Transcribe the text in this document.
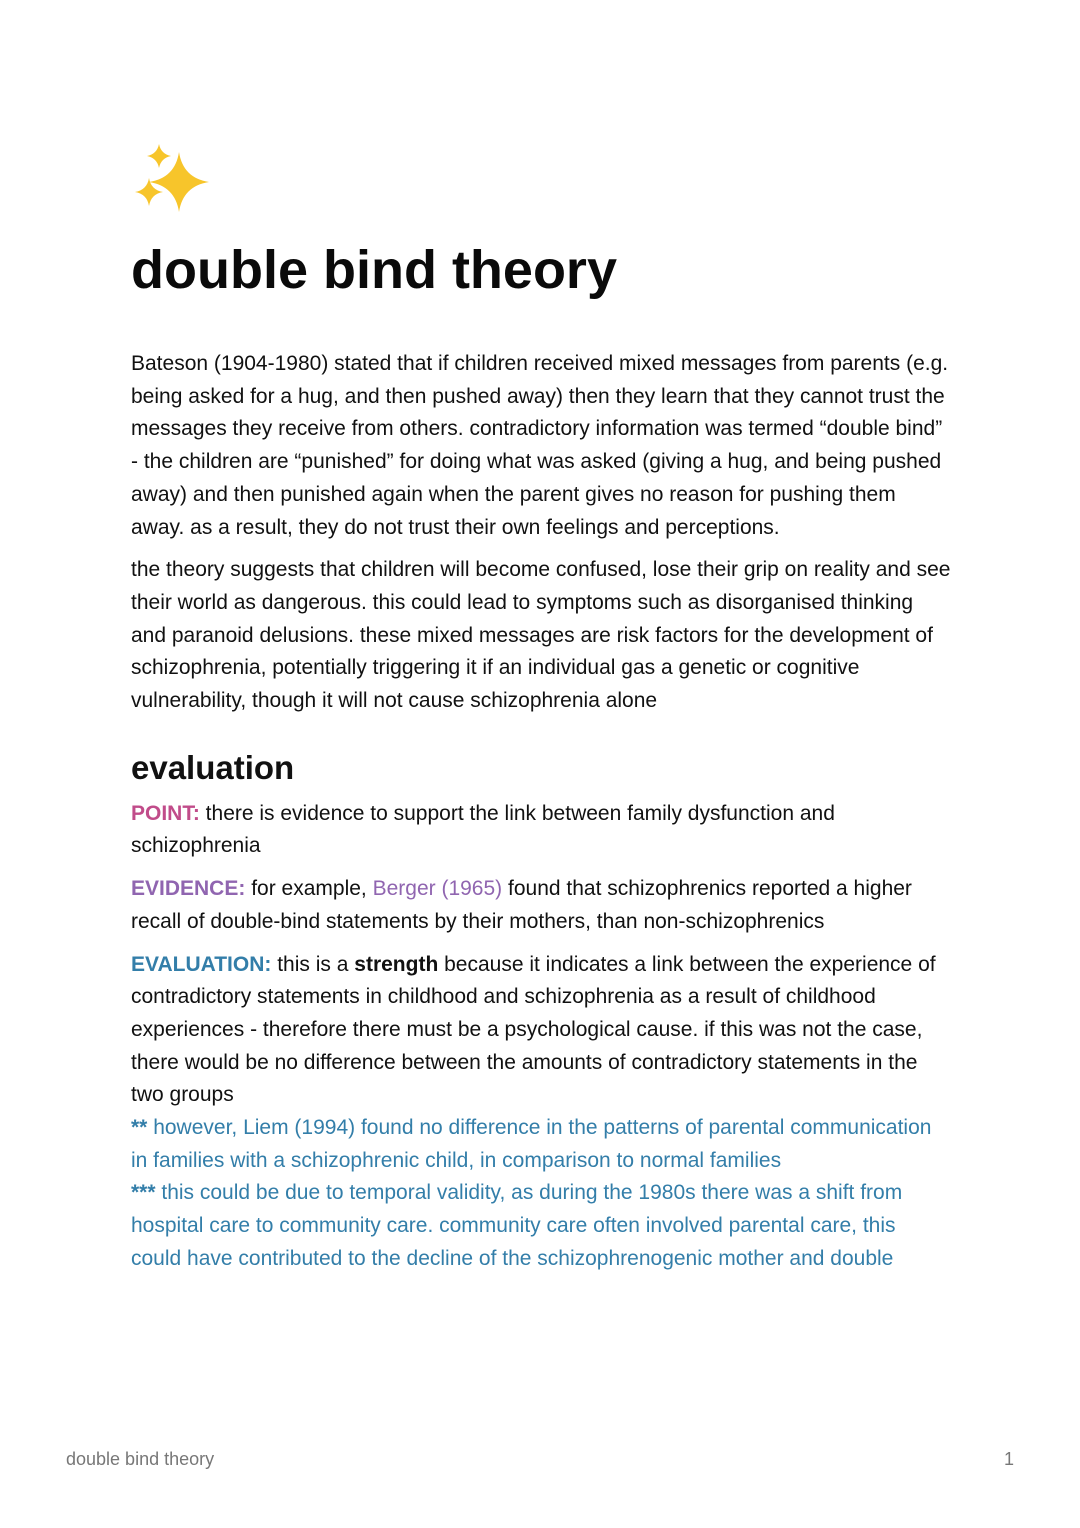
double bind theory

Bateson (1904-1980) stated that if children received mixed messages from parents (e.g. being asked for a hug, and then pushed away) then they learn that they cannot trust the messages they receive from others. contradictory information was termed “double bind” - the children are “punished” for doing what was asked (giving a hug, and being pushed away) and then punished again when the parent gives no reason for pushing them away. as a result, they do not trust their own feelings and perceptions.

the theory suggests that children will become confused, lose their grip on reality and see their world as dangerous. this could lead to symptoms such as disorganised thinking and paranoid delusions. these mixed messages are risk factors for the development of schizophrenia, potentially triggering it if an individual gas a genetic or cognitive vulnerability, though it will not cause schizophrenia alone

evaluation

POINT: there is evidence to support the link between family dysfunction and schizophrenia

EVIDENCE: for example, Berger (1965) found that schizophrenics reported a higher recall of double-bind statements by their mothers, than non-schizophrenics

EVALUATION: this is a strength because it indicates a link between the experience of contradictory statements in childhood and schizophrenia as a result of childhood experiences - therefore there must be a psychological cause. if this was not the case, there would be no difference between the amounts of contradictory statements in the two groups

** however, Liem (1994) found no difference in the patterns of parental communication in families with a schizophrenic child, in comparison to normal families

*** this could be due to temporal validity, as during the 1980s there was a shift from hospital care to community care. community care often involved parental care, this could have contributed to the decline of the schizophrenogenic mother and double

double bind theory	1
